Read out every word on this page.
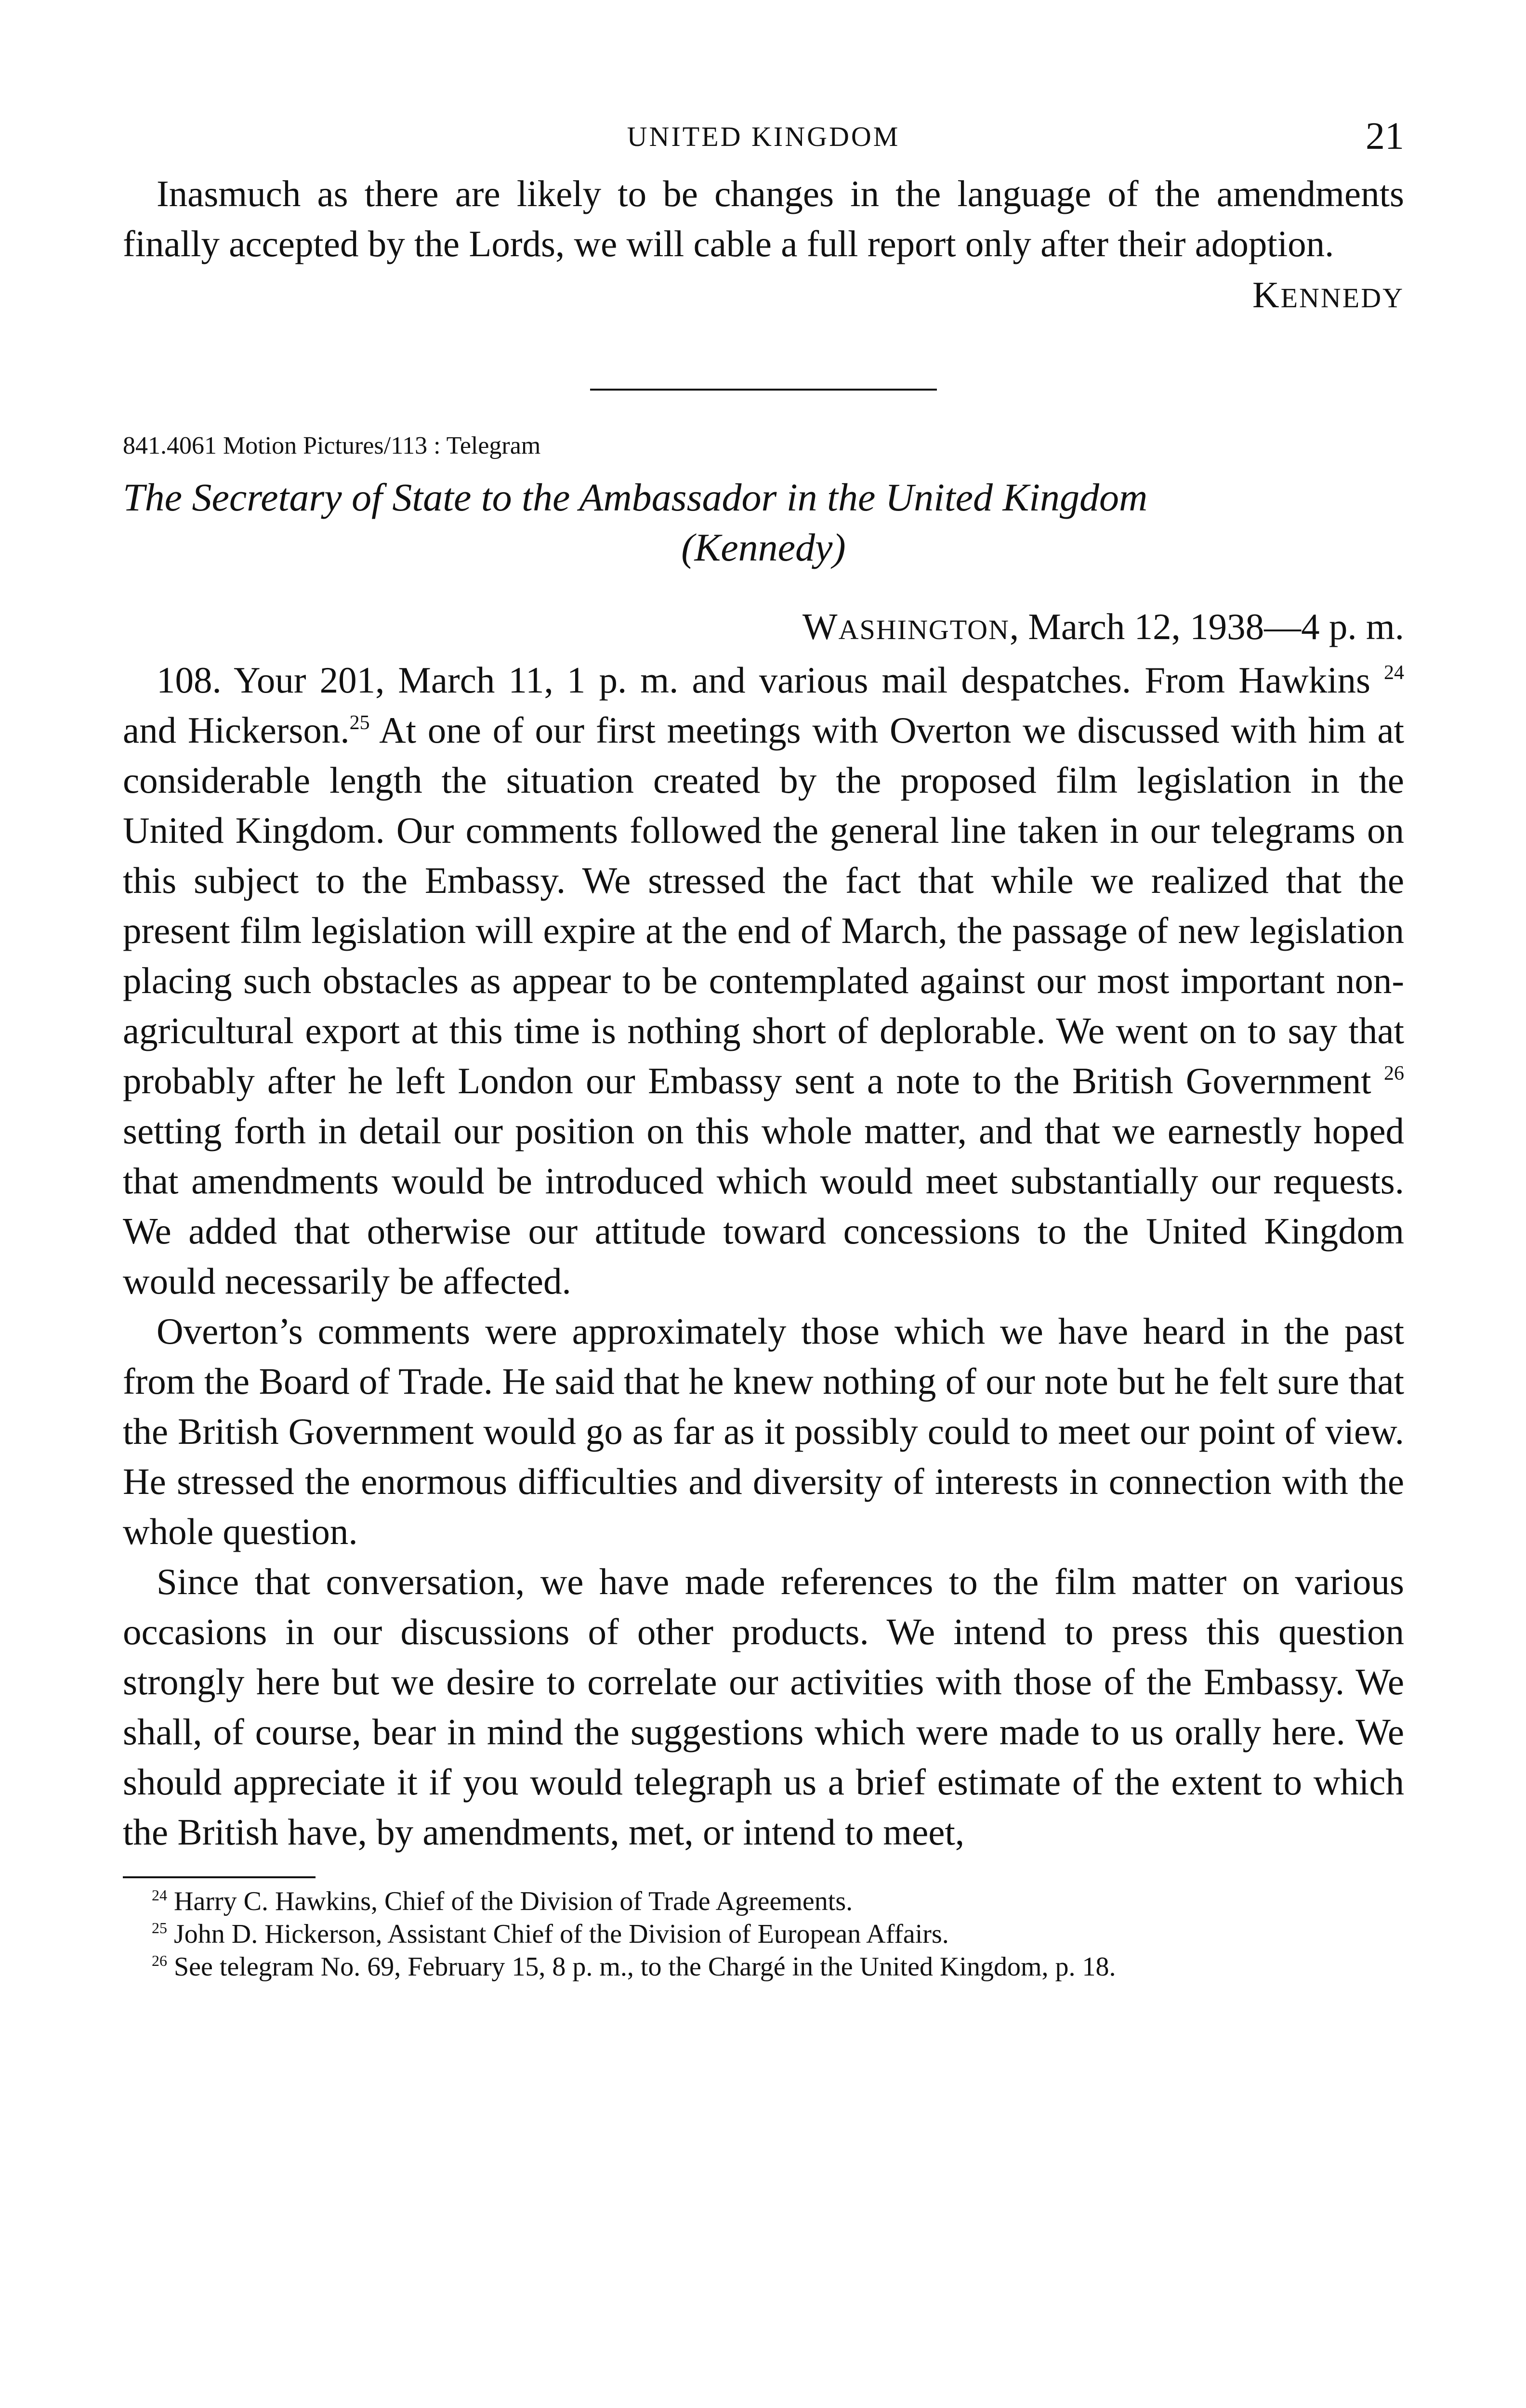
UNITED KINGDOM	21

Inasmuch as there are likely to be changes in the language of the amendments finally accepted by the Lords, we will cable a full report only after their adoption.

KENNEDY
841.4061 Motion Pictures/113 : Telegram
The Secretary of State to the Ambassador in the United Kingdom
(Kennedy)
WASHINGTON, March 12, 1938—4 p. m.

108. Your 201, March 11, 1 p. m. and various mail despatches. From Hawkins $^{24}$ and Hickerson.$^{25}$ At one of our first meetings with Overton we discussed with him at considerable length the situation created by the proposed film legislation in the United Kingdom. Our comments followed the general line taken in our telegrams on this subject to the Embassy. We stressed the fact that while we realized that the present film legislation will expire at the end of March, the passage of new legislation placing such obstacles as appear to be contemplated against our most important non-agricultural export at this time is nothing short of deplorable. We went on to say that probably after he left London our Embassy sent a note to the British Government $^{26}$ setting forth in detail our position on this whole matter, and that we earnestly hoped that amendments would be introduced which would meet substantially our requests. We added that otherwise our attitude toward concessions to the United Kingdom would necessarily be affected.

Overton’s comments were approximately those which we have heard in the past from the Board of Trade. He said that he knew nothing of our note but he felt sure that the British Government would go as far as it possibly could to meet our point of view. He stressed the enormous difficulties and diversity of interests in connection with the whole question.

Since that conversation, we have made references to the film matter on various occasions in our discussions of other products. We intend to press this question strongly here but we desire to correlate our activities with those of the Embassy. We shall, of course, bear in mind the suggestions which were made to us orally here. We should appreciate it if you would telegraph us a brief estimate of the extent to which the British have, by amendments, met, or intend to meet,

$^{24}$ Harry C. Hawkins, Chief of the Division of Trade Agreements.
$^{25}$ John D. Hickerson, Assistant Chief of the Division of European Affairs.
$^{26}$ See telegram No. 69, February 15, 8 p. m., to the Chargé in the United Kingdom, p. 18.
